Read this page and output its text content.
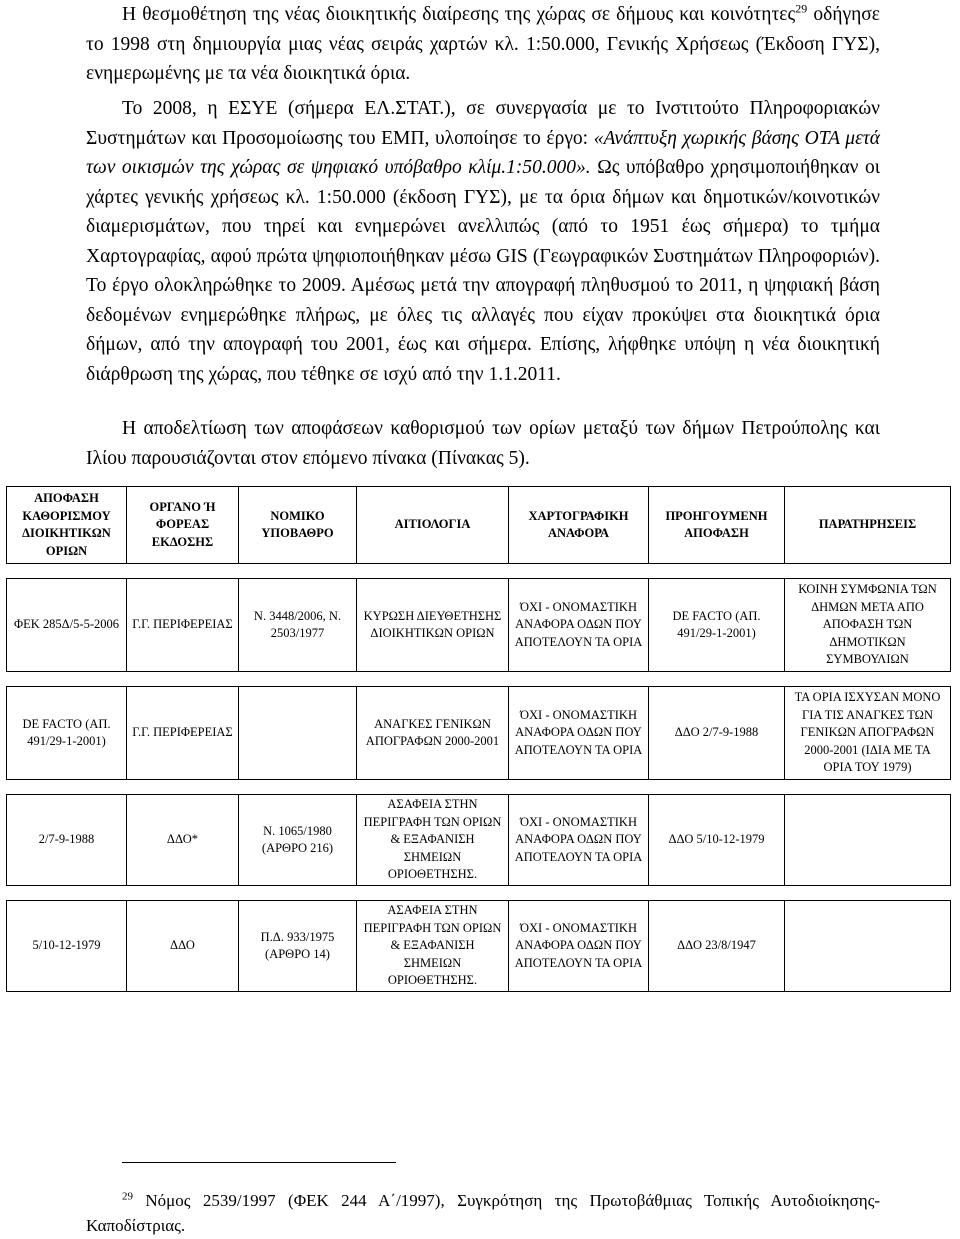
Η θεσμοθέτηση της νέας διοικητικής διαίρεσης της χώρας σε δήμους και κοινότητες$^{29}$ οδήγησε το 1998 στη δημιουργία μιας νέας σειράς χαρτών κλ. 1:50.000, Γενικής Χρήσεως (Έκδοση ΓΥΣ), ενημερωμένης με τα νέα διοικητικά όρια.

Το 2008, η ΕΣΥΕ (σήμερα ΕΛ.ΣΤΑΤ.), σε συνεργασία με το Ινστιτούτο Πληροφοριακών Συστημάτων και Προσομοίωσης του ΕΜΠ, υλοποίησε το έργο: «Ανάπτυξη χωρικής βάσης ΟΤΑ μετά των οικισμών της χώρας σε ψηφιακό υπόβαθρο κλίμ.1:50.000». Ως υπόβαθρο χρησιμοποιήθηκαν οι χάρτες γενικής χρήσεως κλ. 1:50.000 (έκδοση ΓΥΣ), με τα όρια δήμων και δημοτικών/κοινοτικών διαμερισμάτων, που τηρεί και ενημερώνει ανελλιπώς (από το 1951 έως σήμερα) το τμήμα Χαρτογραφίας, αφού πρώτα ψηφιοποιήθηκαν μέσω GIS (Γεωγραφικών Συστημάτων Πληροφοριών). Το έργο ολοκληρώθηκε το 2009. Αμέσως μετά την απογραφή πληθυσμού το 2011, η ψηφιακή βάση δεδομένων ενημερώθηκε πλήρως, με όλες τις αλλαγές που είχαν προκύψει στα διοικητικά όρια δήμων, από την απογραφή του 2001, έως και σήμερα. Επίσης, λήφθηκε υπόψη η νέα διοικητική διάρθρωση της χώρας, που τέθηκε σε ισχύ από την 1.1.2011.

Η αποδελτίωση των αποφάσεων καθορισμού των ορίων μεταξύ των δήμων Πετρούπολης και Ιλίου παρουσιάζονται στον επόμενο πίνακα (Πίνακας 5).

ΑΠΟΦΑΣΗ ΚΑΘΟΡΙΣΜΟΥ ΔΙΟΙΚΗΤΙΚΩΝ ΟΡΙΩΝ	ΟΡΓΑΝΟ Ή ΦΟΡΕΑΣ ΕΚΔΟΣΗΣ	ΝΟΜΙΚΟ ΥΠΟΒΑΘΡΟ	ΑΙΤΙΟΛΟΓΙΑ	ΧΑΡΤΟΓΡΑΦΙΚΗ ΑΝΑΦΟΡΑ	ΠΡΟΗΓΟΥΜΕΝΗ ΑΠΟΦΑΣΗ	ΠΑΡΑΤΗΡΗΣΕΙΣ

ΦΕΚ 285Δ/5-5-2006	Γ.Γ. ΠΕΡΙΦΕΡΕΙΑΣ	Ν. 3448/2006, Ν. 2503/1977	ΚΥΡΩΣΗ ΔΙΕΥΘΕΤΗΣΗΣ ΔΙΟΙΚΗΤΙΚΩΝ ΟΡΙΩΝ	ΌΧΙ - ΟΝΟΜΑΣΤΙΚΗ ΑΝΑΦΟΡΑ ΟΔΩΝ ΠΟΥ ΑΠΟΤΕΛΟΥΝ ΤΑ ΟΡΙΑ	DE FACTO (ΑΠ. 491/29-1-2001)	ΚΟΙΝΗ ΣΥΜΦΩΝΙΑ ΤΩΝ ΔΗΜΩΝ ΜΕΤΑ ΑΠΟ ΑΠΟΦΑΣΗ ΤΩΝ ΔΗΜΟΤΙΚΩΝ ΣΥΜΒΟΥΛΙΩΝ

DE FACTO (ΑΠ. 491/29-1-2001)	Γ.Γ. ΠΕΡΙΦΕΡΕΙΑΣ		ΑΝΑΓΚΕΣ ΓΕΝΙΚΩΝ ΑΠΟΓΡΑΦΩΝ 2000-2001	ΌΧΙ - ΟΝΟΜΑΣΤΙΚΗ ΑΝΑΦΟΡΑ ΟΔΩΝ ΠΟΥ ΑΠΟΤΕΛΟΥΝ ΤΑ ΟΡΙΑ	ΔΔΟ 2/7-9-1988	ΤΑ ΟΡΙΑ ΙΣΧΥΣΑΝ ΜΟΝΟ ΓΙΑ ΤΙΣ ΑΝΑΓΚΕΣ ΤΩΝ ΓΕΝΙΚΩΝ ΑΠΟΓΡΑΦΩΝ 2000-2001 (ΙΔΙΑ ΜΕ ΤΑ ΟΡΙΑ ΤΟΥ 1979)

2/7-9-1988	ΔΔΟ*	Ν. 1065/1980 (ΑΡΘΡΟ 216)	ΑΣΑΦΕΙΑ ΣΤΗΝ ΠΕΡΙΓΡΑΦΗ ΤΩΝ ΟΡΙΩΝ & ΕΞΑΦΑΝΙΣΗ ΣΗΜΕΙΩΝ ΟΡΙΟΘΕΤΗΣΗΣ.	ΌΧΙ - ΟΝΟΜΑΣΤΙΚΗ ΑΝΑΦΟΡΑ ΟΔΩΝ ΠΟΥ ΑΠΟΤΕΛΟΥΝ ΤΑ ΟΡΙΑ	ΔΔΟ 5/10-12-1979	

5/10-12-1979	ΔΔΟ	Π.Δ. 933/1975 (ΑΡΘΡΟ 14)	ΑΣΑΦΕΙΑ ΣΤΗΝ ΠΕΡΙΓΡΑΦΗ ΤΩΝ ΟΡΙΩΝ & ΕΞΑΦΑΝΙΣΗ ΣΗΜΕΙΩΝ ΟΡΙΟΘΕΤΗΣΗΣ.	ΌΧΙ - ΟΝΟΜΑΣΤΙΚΗ ΑΝΑΦΟΡΑ ΟΔΩΝ ΠΟΥ ΑΠΟΤΕΛΟΥΝ ΤΑ ΟΡΙΑ	ΔΔΟ 23/8/1947	

$^{29}$ Νόμος 2539/1997 (ΦΕΚ 244 Α΄/1997), Συγκρότηση της Πρωτοβάθμιας Τοπικής Αυτοδιοίκησης-Καποδίστριας.
